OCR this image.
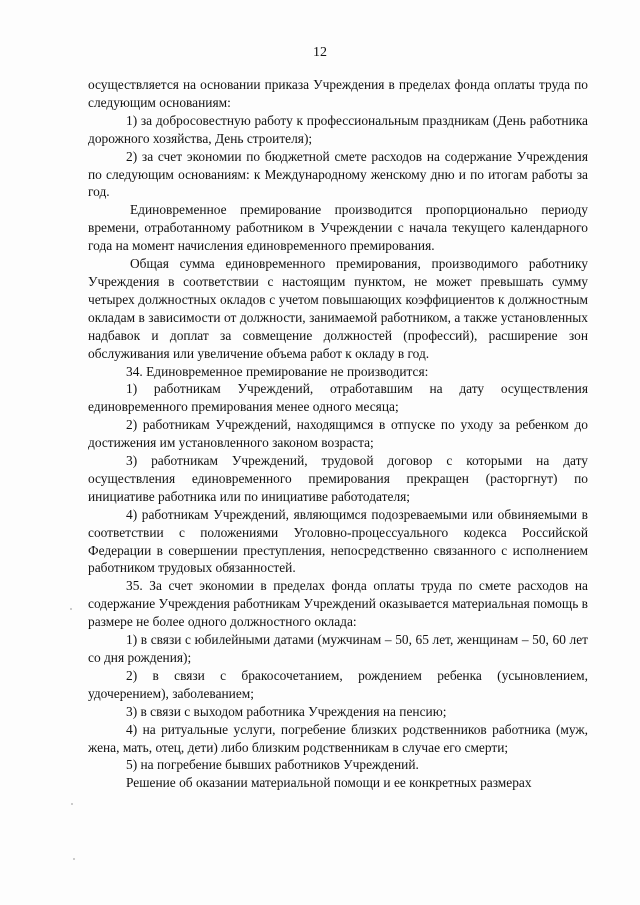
12

осуществляется на основании приказа Учреждения в пределах фонда оплаты труда по следующим основаниям:

1) за добросовестную работу к профессиональным праздникам (День работника дорожного хозяйства, День строителя);

2) за счет экономии по бюджетной смете расходов на содержание Учреждения по следующим основаниям: к Международному женскому дню и по итогам работы за год.

Единовременное премирование производится пропорционально периоду времени, отработанному работником в Учреждении с начала текущего календарного года на момент начисления единовременного премирования.

Общая сумма единовременного премирования, производимого работнику Учреждения в соответствии с настоящим пунктом, не может превышать сумму четырех должностных окладов с учетом повышающих коэффициентов к должностным окладам в зависимости от должности, занимаемой работником, а также установленных надбавок и доплат за совмещение должностей (профессий), расширение зон обслуживания или увеличение объема работ к окладу в год.

34. Единовременное премирование не производится:

1) работникам Учреждений, отработавшим на дату осуществления единовременного премирования менее одного месяца;

2) работникам Учреждений, находящимся в отпуске по уходу за ребенком до достижения им установленного законом возраста;

3) работникам Учреждений, трудовой договор с которыми на дату осуществления единовременного премирования прекращен (расторгнут) по инициативе работника или по инициативе работодателя;

4) работникам Учреждений, являющимся подозреваемыми или обвиняемыми в соответствии с положениями Уголовно-процессуального кодекса Российской Федерации в совершении преступления, непосредственно связанного с исполнением работником трудовых обязанностей.

35. За счет экономии в пределах фонда оплаты труда по смете расходов на содержание Учреждения работникам Учреждений оказывается материальная помощь в размере не более одного должностного оклада:

1) в связи с юбилейными датами (мужчинам – 50, 65 лет, женщинам – 50, 60 лет со дня рождения);

2) в связи с бракосочетанием, рождением ребенка (усыновлением, удочерением), заболеванием;

3) в связи с выходом работника Учреждения на пенсию;

4) на ритуальные услуги, погребение близких родственников работника (муж, жена, мать, отец, дети) либо близким родственникам в случае его смерти;

5) на погребение бывших работников Учреждений.

Решение об оказании материальной помощи и ее конкретных размерах
